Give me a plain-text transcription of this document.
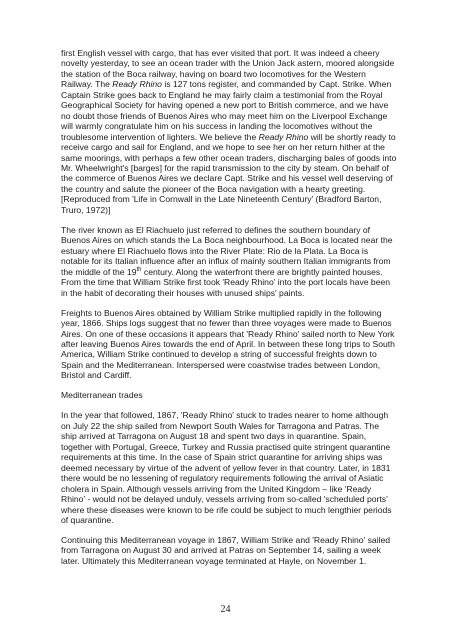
first English vessel with cargo, that has ever visited that port. It was indeed a cheery novelty yesterday, to see an ocean trader with the Union Jack astern, moored alongside the station of the Boca railway, having on board two locomotives for the Western Railway. The Ready Rhino is 127 tons register, and commanded by Capt. Strike. When Captain Strike goes back to England he may fairly claim a testimonial from the Royal Geographical Society for having opened a new port to British commerce, and we have no doubt those friends of Buenos Aires who may meet him on the Liverpool Exchange will warmly congratulate him on his success in landing the locomotives without the troublesome intervention of lighters. We believe the Ready Rhino will be shortly ready to receive cargo and sail for England, and we hope to see her on her return hither at the same moorings, with perhaps a few other ocean traders, discharging bales of goods into Mr. Wheelwright's [barges] for the rapid transmission to the city by steam. On behalf of the commerce of Buenos Aires we declare Capt. Strike and his vessel well deserving of the country and salute the pioneer of the Boca navigation with a hearty greeting. [Reproduced from 'Life in Cornwall in the Late Nineteenth Century' (Bradford Barton, Truro, 1972)]

The river known as El Riachuelo just referred to defines the southern boundary of Buenos Aires on which stands the La Boca neighbourhood. La Boca is located near the estuary where El Riachuelo flows into the River Plate: Rio de la Plata. La Boca is notable for its Italian influence after an influx of mainly southern Italian immigrants from the middle of the 19th century. Along the waterfront there are brightly painted houses. From the time that William Strike first took 'Ready Rhino' into the port locals have been in the habit of decorating their houses with unused ships' paints.

Freights to Buenos Aires obtained by William Strike multiplied rapidly in the following year, 1866. Ships logs suggest that no fewer than three voyages were made to Buenos Aires. On one of these occasions it appears that 'Ready Rhino' sailed north to New York after leaving Buenos Aires towards the end of April. In between these long trips to South America, William Strike continued to develop a string of successful freights down to Spain and the Mediterranean. Interspersed were coastwise trades between London, Bristol and Cardiff.

Mediterranean trades

In the year that followed, 1867, 'Ready Rhino' stuck to trades nearer to home although on July 22 the ship sailed from Newport South Wales for Tarragona and Patras. The ship arrived at Tarragona on August 18 and spent two days in quarantine. Spain, together with Portugal, Greece, Turkey and Russia practised quite stringent quarantine requirements at this time. In the case of Spain strict quarantine for arriving ships was deemed necessary by virtue of the advent of yellow fever in that country. Later, in 1831 there would be no lessening of regulatory requirements following the arrival of Asiatic cholera in Spain. Although vessels arriving from the United Kingdom – like 'Ready Rhino' - would not be delayed unduly, vessels arriving from so-called 'scheduled ports' where these diseases were known to be rife could be subject to much lengthier periods of quarantine.

Continuing this Mediterranean voyage in 1867, William Strike and 'Ready Rhino' sailed from Tarragona on August 30 and arrived at Patras on September 14, sailing a week later. Ultimately this Mediterranean voyage terminated at Hayle, on November 1.

24
